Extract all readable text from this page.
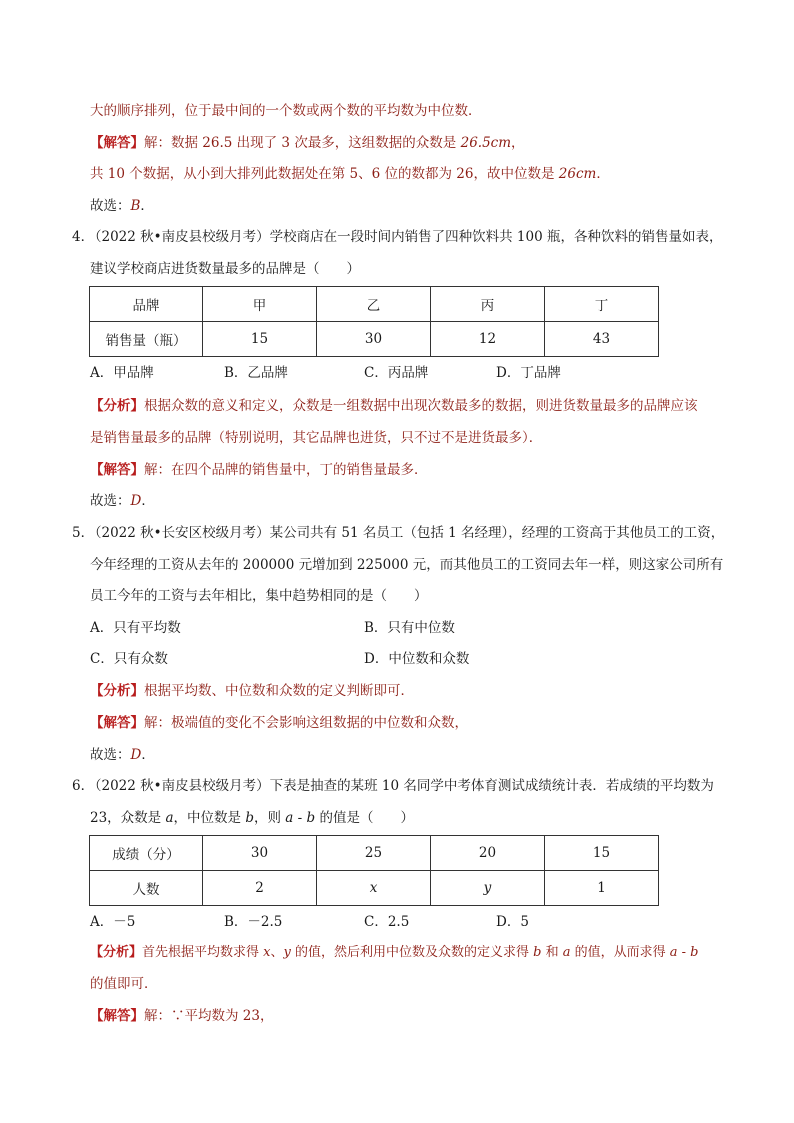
大的顺序排列，位于最中间的一个数或两个数的平均数为中位数．
【解答】解：数据 26.5 出现了 3 次最多，这组数据的众数是 26.5cm，
共 10 个数据，从小到大排列此数据处在第 5、6 位的数都为 26，故中位数是 26cm．
故选：B．
4．
（2022 秋•南皮县校级月考）学校商店在一段时间内销售了四种饮料共 100 瓶，各种饮料的销售量如表，
建议学校商店进货数量最多的品牌是（　　）
品牌	甲	乙	丙	丁
销售量（瓶）	15	30	12	43
A．甲品牌	B．乙品牌	C．丙品牌	D．丁品牌
【分析】根据众数的意义和定义，众数是一组数据中出现次数最多的数据，则进货数量最多的品牌应该
是销售量最多的品牌（特别说明，其它品牌也进货，只不过不是进货最多）．
【解答】解：在四个品牌的销售量中，丁的销售量最多．
故选：D．
5．
（2022 秋•长安区校级月考）某公司共有 51 名员工（包括 1 名经理），经理的工资高于其他员工的工资，
今年经理的工资从去年的 200000 元增加到 225000 元，而其他员工的工资同去年一样，则这家公司所有
员工今年的工资与去年相比，集中趋势相同的是（　　）
A．只有平均数	B．只有中位数
C．只有众数	D．中位数和众数
【分析】根据平均数、中位数和众数的定义判断即可．
【解答】解：极端值的变化不会影响这组数据的中位数和众数，
故选：D．
6．
（2022 秋•南皮县校级月考）下表是抽查的某班 10 名同学中考体育测试成绩统计表．若成绩的平均数为
23，众数是 a，中位数是 b，则 a - b 的值是（　　）
成绩（分）	30	25	20	15
人数	2	x	y	1
A．－5	B．－2.5	C．2.5	D．5
【分析】首先根据平均数求得 x、y 的值，然后利用中位数及众数的定义求得 b 和 a 的值，从而求得 a - b
的值即可．
【解答】解：∵平均数为 23，
